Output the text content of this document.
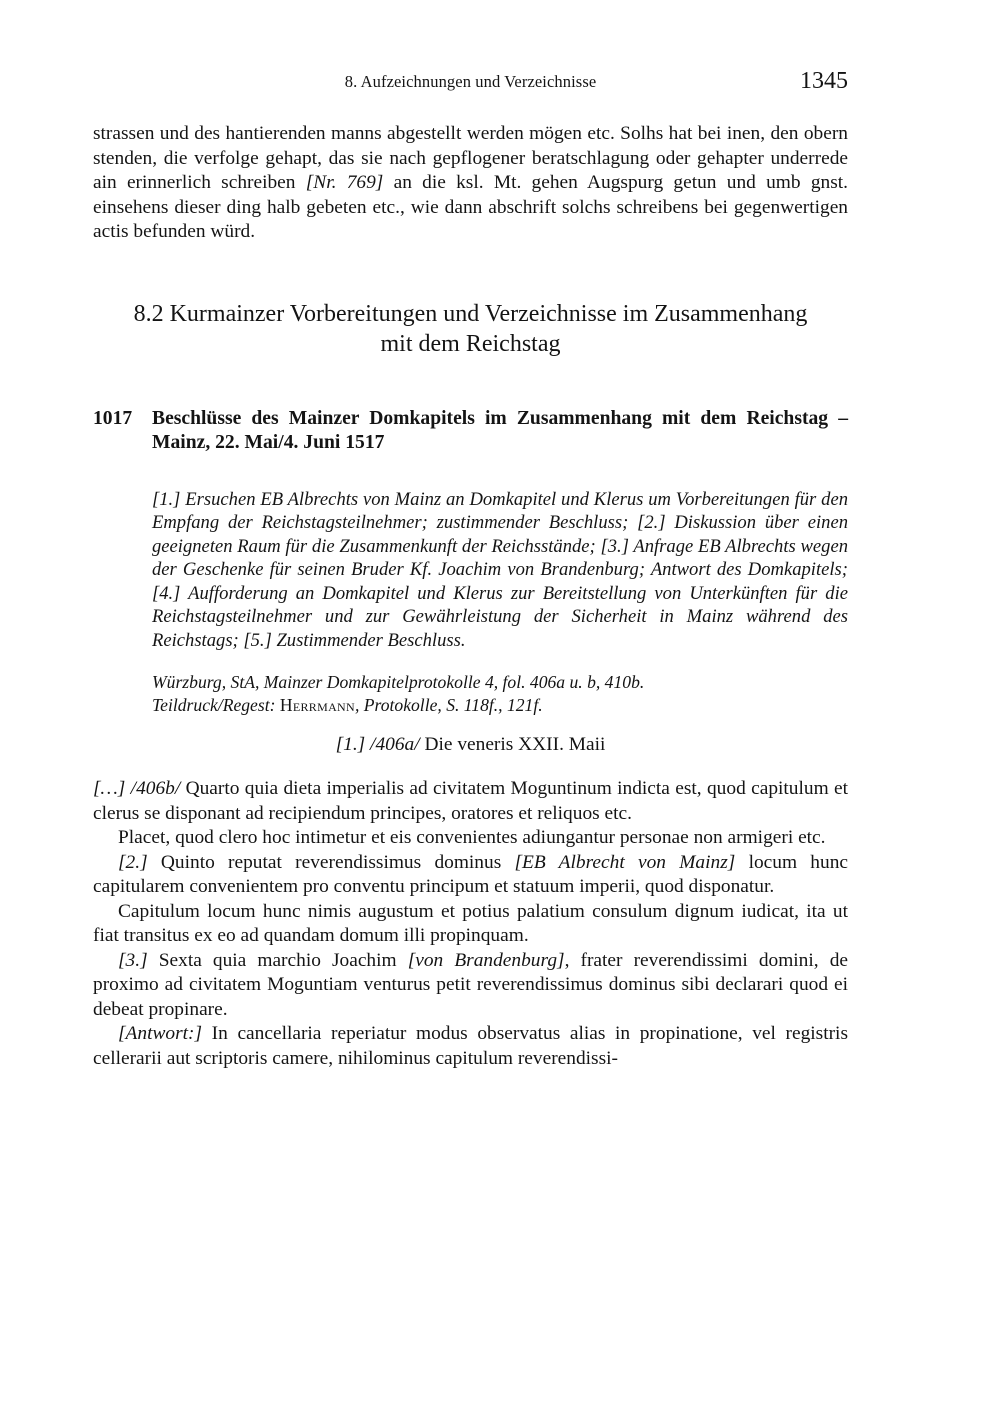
8. Aufzeichnungen und Verzeichnisse	1345

strassen und des hantierenden manns abgestellt werden mögen etc. Solhs hat bei inen, den obern stenden, die verfolge gehapt, das sie nach gepflogener beratschlagung oder gehapter underrede ain erinnerlich schreiben [Nr. 769] an die ksl. Mt. gehen Augspurg getun und umb gnst. einsehens dieser ding halb gebeten etc., wie dann abschrift solchs schreibens bei gegenwertigen actis befunden würd.

8.2 Kurmainzer Vorbereitungen und Verzeichnisse im Zusammenhang
mit dem Reichstag
1017 Beschlüsse des Mainzer Domkapitels im Zusammenhang mit dem Reichstag – Mainz, 22. Mai/4. Juni 1517

[1.] Ersuchen EB Albrechts von Mainz an Domkapitel und Klerus um Vorbereitungen für den Empfang der Reichstagsteilnehmer; zustimmender Beschluss; [2.] Diskussion über einen geeigneten Raum für die Zusammenkunft der Reichsstände; [3.] Anfrage EB Albrechts wegen der Geschenke für seinen Bruder Kf. Joachim von Brandenburg; Antwort des Domkapitels; [4.] Aufforderung an Domkapitel und Klerus zur Bereitstellung von Unterkünften für die Reichstagsteilnehmer und zur Gewährleistung der Sicherheit in Mainz während des Reichstags; [5.] Zustimmender Beschluss.

Würzburg, StA, Mainzer Domkapitelprotokolle 4, fol. 406a u. b, 410b.
Teildruck/Regest: Herrmann, Protokolle, S. 118f., 121f.

[1.] /406a/ Die veneris XXII. Maii

[…] /406b/ Quarto quia dieta imperialis ad civitatem Moguntinum indicta est, quod capitulum et clerus se disponant ad recipiendum principes, oratores et reliquos etc.

Placet, quod clero hoc intimetur et eis convenientes adiungantur personae non armigeri etc.

[2.] Quinto reputat reverendissimus dominus [EB Albrecht von Mainz] locum hunc capitularem convenientem pro conventu principum et statuum imperii, quod disponatur.

Capitulum locum hunc nimis augustum et potius palatium consulum dignum iudicat, ita ut fiat transitus ex eo ad quandam domum illi propinquam.

[3.] Sexta quia marchio Joachim [von Brandenburg], frater reverendissimi domini, de proximo ad civitatem Moguntiam venturus petit reverendissimus dominus sibi declarari quod ei debeat propinare.

[Antwort:] In cancellaria reperiatur modus observatus alias in propinatione, vel registris cellerarii aut scriptoris camere, nihilominus capitulum reverendissi-
